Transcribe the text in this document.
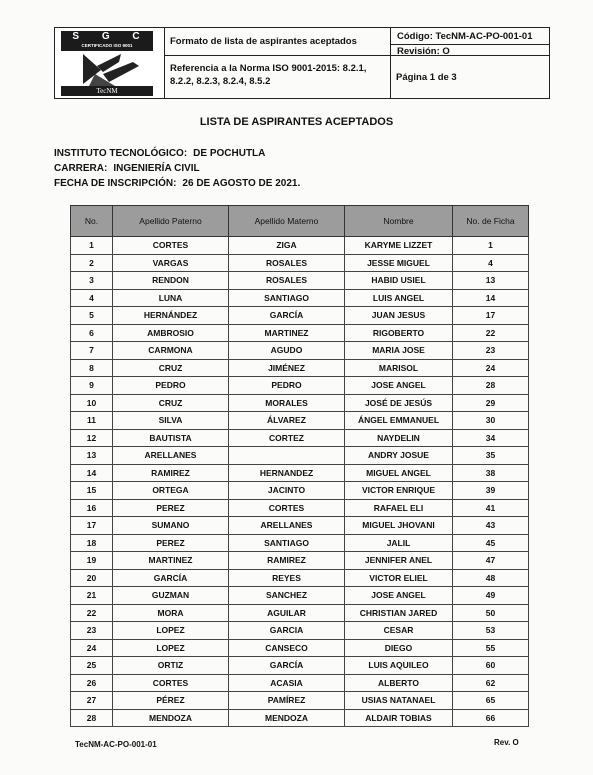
S G C
CERTIFICADO ISO 9001
TecNM
Formato de lista de aspirantes aceptados	Código: TecNM-AC-PO-001-01
Revisión: O
Referencia a la Norma ISO 9001-2015: 8.2.1, 8.2.2, 8.2.3, 8.2.4, 8.5.2	Página 1 de 3
LISTA DE ASPIRANTES ACEPTADOS
INSTITUTO TECNOLÓGICO: DE POCHUTLA
CARRERA: INGENIERÍA CIVIL
FECHA DE INSCRIPCIÓN: 26 DE AGOSTO DE 2021.
No.	Apellido Paterno	Apellido Materno	Nombre	No. de Ficha
1	CORTES	ZIGA	KARYME LIZZET	1
2	VARGAS	ROSALES	JESSE MIGUEL	4
3	RENDON	ROSALES	HABID USIEL	13
4	LUNA	SANTIAGO	LUIS ANGEL	14
5	HERNÁNDEZ	GARCÍA	JUAN JESUS	17
6	AMBROSIO	MARTINEZ	RIGOBERTO	22
7	CARMONA	AGUDO	MARIA JOSE	23
8	CRUZ	JIMÉNEZ	MARISOL	24
9	PEDRO	PEDRO	JOSE ANGEL	28
10	CRUZ	MORALES	JOSÉ DE JESÚS	29
11	SILVA	ÁLVAREZ	ÁNGEL EMMANUEL	30
12	BAUTISTA	CORTEZ	NAYDELIN	34
13	ARELLANES		ANDRY JOSUE	35
14	RAMIREZ	HERNANDEZ	MIGUEL ANGEL	38
15	ORTEGA	JACINTO	VICTOR ENRIQUE	39
16	PEREZ	CORTES	RAFAEL ELI	41
17	SUMANO	ARELLANES	MIGUEL JHOVANI	43
18	PEREZ	SANTIAGO	JALIL	45
19	MARTINEZ	RAMIREZ	JENNIFER ANEL	47
20	GARCÍA	REYES	VICTOR ELIEL	48
21	GUZMAN	SANCHEZ	JOSE ANGEL	49
22	MORA	AGUILAR	CHRISTIAN JARED	50
23	LOPEZ	GARCIA	CESAR	53
24	LOPEZ	CANSECO	DIEGO	55
25	ORTIZ	GARCÍA	LUIS AQUILEO	60
26	CORTES	ACASIA	ALBERTO	62
27	PÉREZ	PAMÍREZ	USIAS NATANAEL	65
28	MENDOZA	MENDOZA	ALDAIR TOBIAS	66
TecNM-AC-PO-001-01	Rev. O
